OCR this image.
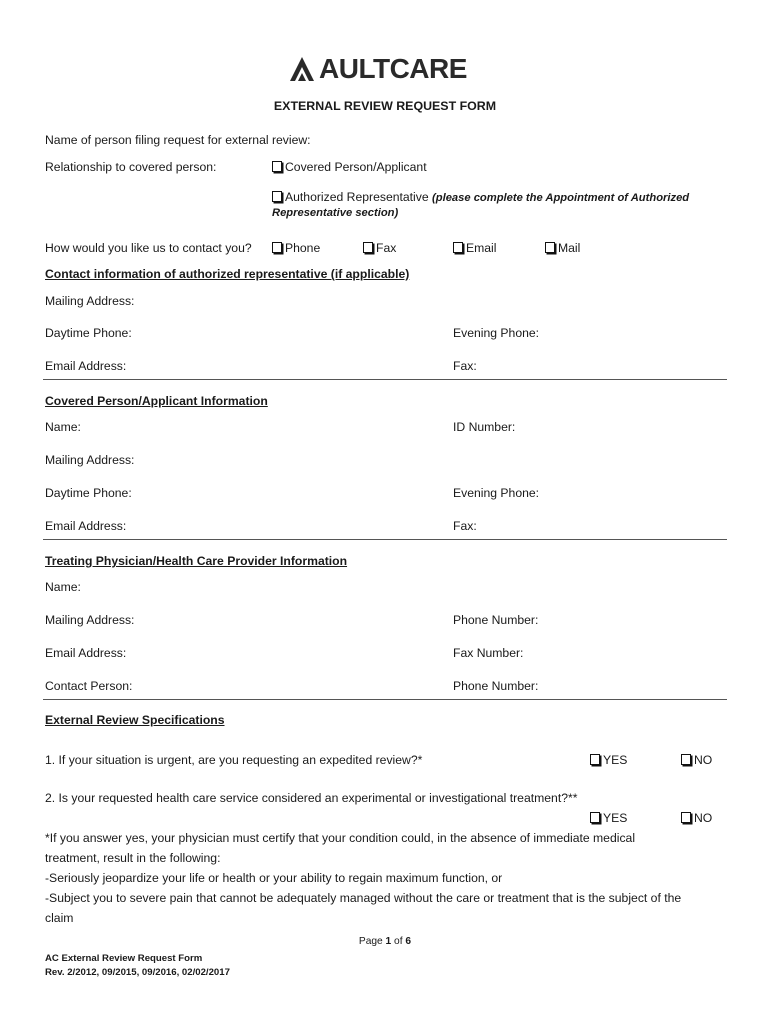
AULTCARE
EXTERNAL REVIEW REQUEST FORM
Name of person filing request for external review:
Relationship to covered person:	Covered Person/Applicant
Authorized Representative (please complete the Appointment of Authorized
Representative section)
How would you like us to contact you?	Phone	Fax	Email	Mail
Contact information of authorized representative (if applicable)
Mailing Address:
Daytime Phone:	Evening Phone:
Email Address:	Fax:
Covered Person/Applicant Information
Name:	ID Number:
Mailing Address:
Daytime Phone:	Evening Phone:
Email Address:	Fax:
Treating Physician/Health Care Provider Information
Name:
Mailing Address:	Phone Number:
Email Address:	Fax Number:
Contact Person:	Phone Number:
External Review Specifications
1. If your situation is urgent, are you requesting an expedited review?*	YES	NO
2. Is your requested health care service considered an experimental or investigational treatment?**
YES	NO
*If you answer yes, your physician must certify that your condition could, in the absence of immediate medical
treatment, result in the following:
-Seriously jeopardize your life or health or your ability to regain maximum function, or
-Subject you to severe pain that cannot be adequately managed without the care or treatment that is the subject of the
claim
Page 1 of 6
AC External Review Request Form
Rev. 2/2012, 09/2015, 09/2016, 02/02/2017
